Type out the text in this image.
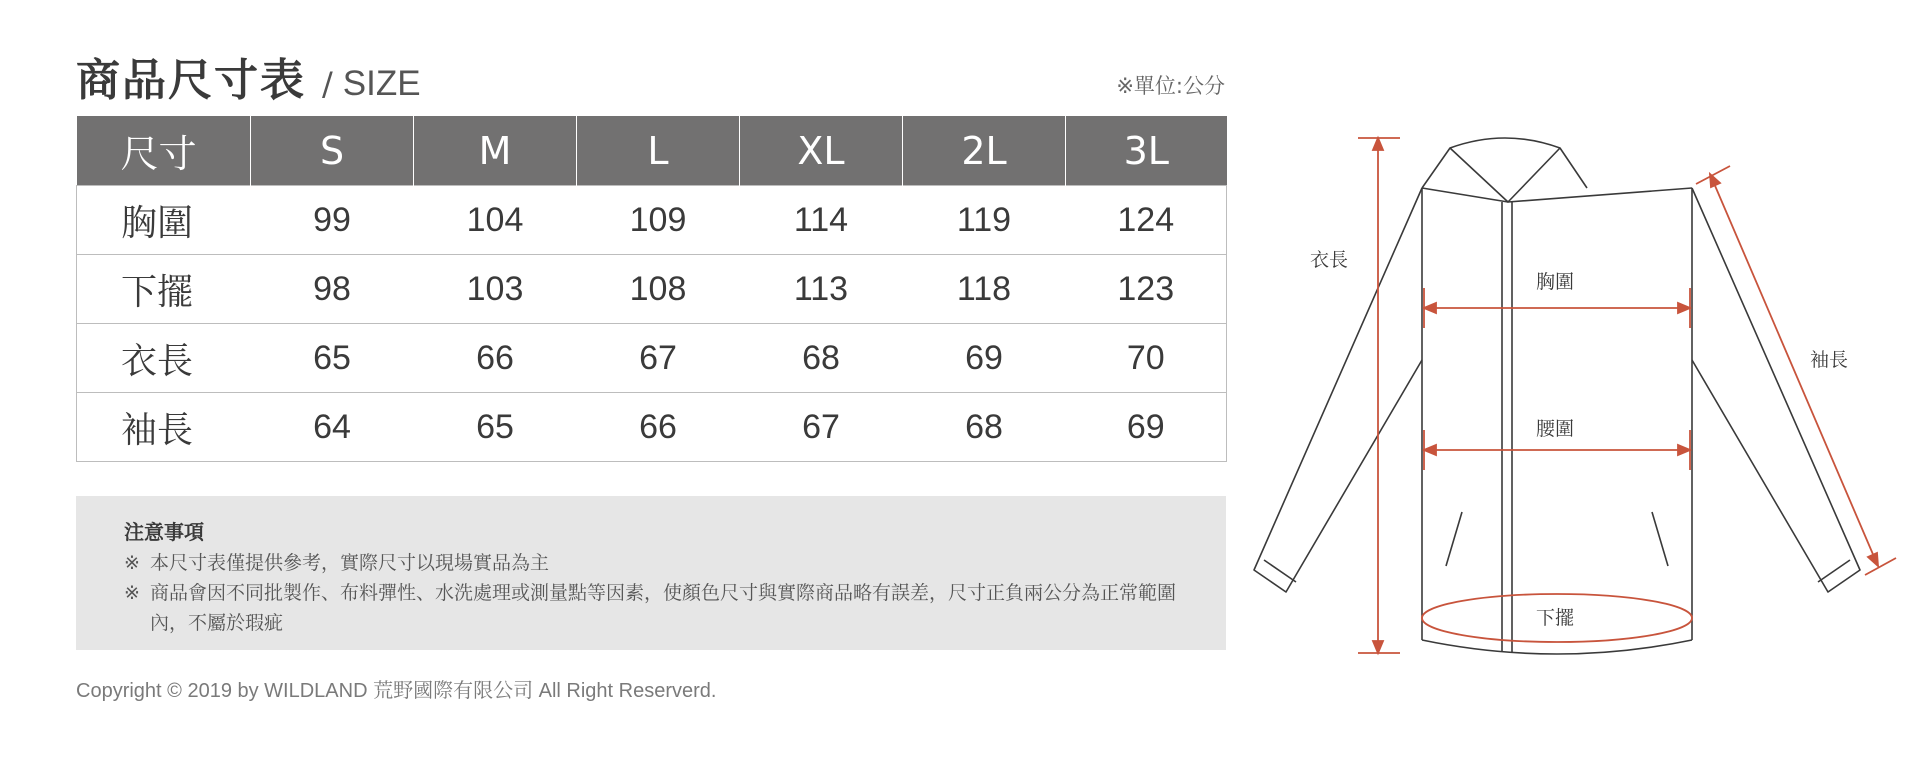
商品尺寸表 / SIZE	※單位:公分
尺寸	S	M	L	XL	2L	3L
胸圍	99	104	109	114	119	124
下擺	98	103	108	113	118	123
衣長	65	66	67	68	69	70
袖長	64	65	66	67	68	69
注意事項
※ 本尺寸表僅提供參考，實際尺寸以現場實品為主
※ 商品會因不同批製作、布料彈性、水洗處理或測量點等因素，使顏色尺寸與實際商品略有誤差，尺寸正負兩公分為正常範圍內，不屬於瑕疵
Copyright © 2019 by WILDLAND 荒野國際有限公司 All Right Reserverd.
衣長
胸圍
腰圍
下擺
袖長
